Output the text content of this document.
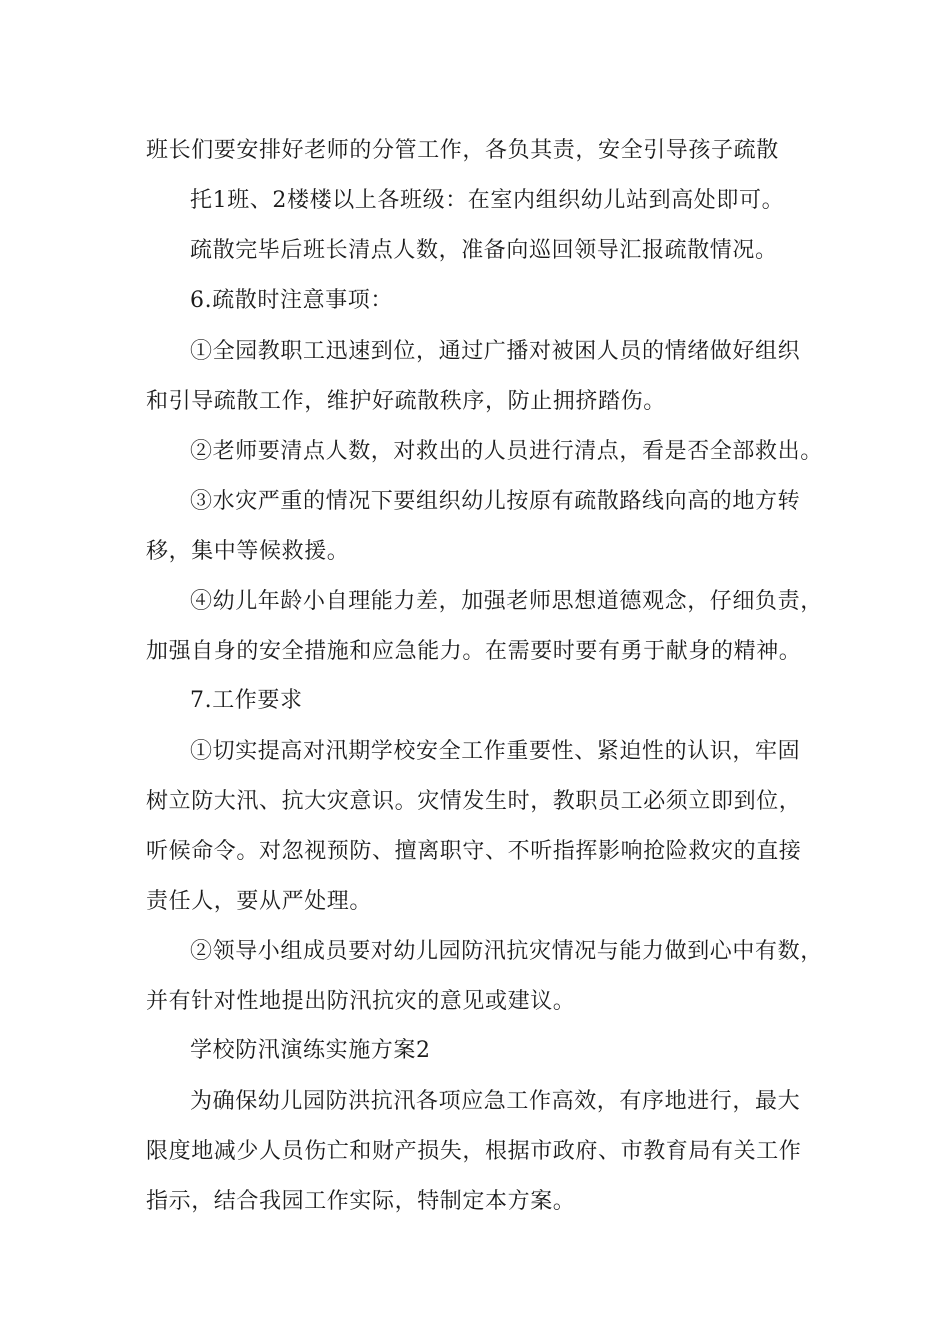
班长们要安排好老师的分管工作，各负其责，安全引导孩子疏散
托1班、2楼楼以上各班级：在室内组织幼儿站到高处即可。
疏散完毕后班长清点人数，准备向巡回领导汇报疏散情况。
6.疏散时注意事项：
①全园教职工迅速到位，通过广播对被困人员的情绪做好组织
和引导疏散工作，维护好疏散秩序，防止拥挤踏伤。
②老师要清点人数，对救出的人员进行清点，看是否全部救出。
③水灾严重的情况下要组织幼儿按原有疏散路线向高的地方转
移，集中等候救援。
④幼儿年龄小自理能力差，加强老师思想道德观念，仔细负责，
加强自身的安全措施和应急能力。在需要时要有勇于献身的精神。
7.工作要求
①切实提高对汛期学校安全工作重要性、紧迫性的认识，牢固
树立防大汛、抗大灾意识。灾情发生时，教职员工必须立即到位，
听候命令。对忽视预防、擅离职守、不听指挥影响抢险救灾的直接
责任人，要从严处理。
②领导小组成员要对幼儿园防汛抗灾情况与能力做到心中有数，
并有针对性地提出防汛抗灾的意见或建议。
学校防汛演练实施方案2
为确保幼儿园防洪抗汛各项应急工作高效，有序地进行，最大
限度地减少人员伤亡和财产损失，根据市政府、市教育局有关工作
指示，结合我园工作实际，特制定本方案。
